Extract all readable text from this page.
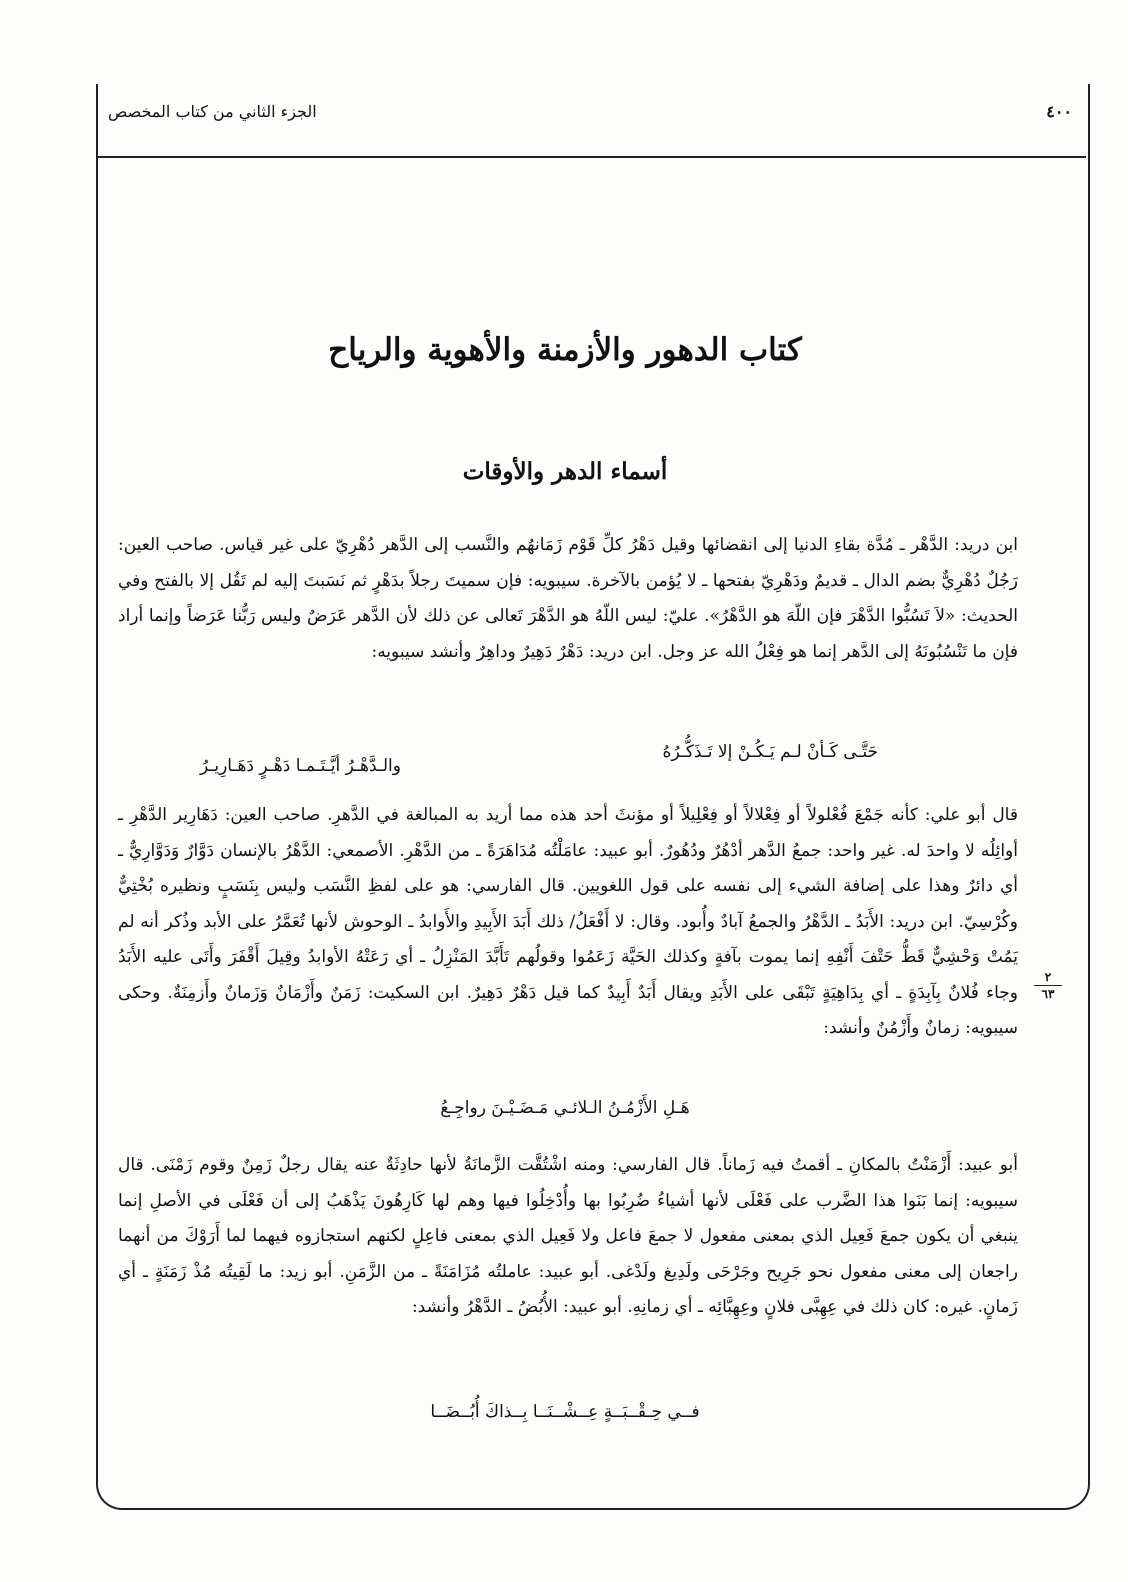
الجزء الثاني من كتاب المخصص	٤٠٠
كتاب الدهور والأزمنة والأهوية والرياح
أسماء الدهر والأوقات
ابن دريد: الدَّهْر ـ مُدَّة بقاءِ الدنيا إلى انقضائها وقيل دَهْرُ كلِّ قَوْم زَمَانهُم والنَّسب إلى الدَّهر دُهْرِيّ على غير قياس. صاحب العين: رَجُلٌ دُهْرِيٌّ بضم الدال ـ قديمٌ ودَهْرِيّ بفتحها ـ لا يُؤمن بالآخرة. سيبويه: فإن سميتَ رجلاً بدَهْرٍ ثم نَسَبتَ إليه لم تَقُل إلا بالفتح وفي الحديث: «لاَ تَسُبُّوا الدَّهْرَ فإن اللّهَ هو الدَّهْرُ». عليّ: ليس اللّهُ هو الدَّهْرَ تَعالى عن ذلك لأن الدَّهر عَرَضٌ وليس رَبُّنا عَرَضاً وإنما أراد فإن ما تَنْسُبُونَهُ إلى الدَّهر إنما هو فِعْلُ الله عز وجل. ابن دريد: دَهْرٌ دَهِيرٌ وداهِرٌ وأنشد سيبويه:
حَتَّـى كَـأنْ لـم يَـكُـنْ إلا تَـذَكُّـرُهُ
والـدَّهْـرُ أيَّـتَـمـا دَهْـرٍ دَهَـارِيـرُ
قال أبو علي: كأنه جَمْعَ فُعْلولاً أو فِعْلالاً أو فِعْلِيلاً أو مؤنثَ أحد هذه مما أريد به المبالغة في الدَّهرِ. صاحب العين: دَهَارِير الدَّهْرِ ـ أوائِلُه لا واحدَ له. غير واحد: جمعُ الدَّهر أدْهُرٌ ودُهُورٌ. أبو عبيد: عامَلْتُه مُدَاهَرَةً ـ من الدَّهْرِ. الأصمعي: الدَّهْرُ بالإنسان دَوَّارٌ وَدَوَّارِيٌّ ـ أي دائرٌ وهذا على إضافة الشيء إلى نفسه على قول اللغويين. قال الفارسي: هو على لفظِ النَّسَب وليس بِنَسَبٍ ونظيره بُخْتِيٌّ وكُرْسِيّ. ابن دريد: الأَبَدُ ـ الدَّهْرُ والجمعُ آبادٌ وأُبود. وقال: لا أَفْعَلُ/ ذلك أَبَدَ الأَبِيدِ والأَوابدُ ـ الوحوش لأنها تُعَمَّرُ على الأبد وذُكر أنه لم يَمُتْ وَحْشِيٌّ قَطُّ حَتْفَ أَنْفِهِ إنما يموت بآفةٍ وكذلك الحَيَّة زَعَمُوا وقولُهم تَأَبَّدَ المَنْزِلُ ـ أي رَعَتْهُ الأوابدُ وقِيلَ أَقْفَرَ وأَتَى عليه الأَبَدُ وجاء فُلانٌ بِآبِدَةٍ ـ أي بِدَاهِيَةٍ تَبْقَى على الأَبَدِ ويقال أَبَدٌ أَبِيدٌ كما قيل دَهْرٌ دَهِيرٌ. ابن السكيت: زَمَنٌ وأَزْمَانٌ وَزَمانٌ وأَزمِنَةٌ. وحكى سيبويه: زمانٌ وأَزْمُنٌ وأنشد:
٢
٦٣
هَـلِ الأَزْمُـنُ الـلائـي مَـضَـيْـنَ رواجِـعُ
أبو عبيد: أَزْمَنْتُ بالمكانِ ـ أقمتُ فيه زَماناً. قال الفارسي: ومنه اشْتُقَّت الزَّمانَةُ لأنها حادِثَةٌ عنه يقال رجلٌ زَمِنٌ وقوم زَمْنَى. قال سيبويه: إنما بَنَوا هذا الضَّرب على فَعْلَى لأنها أشياءُ ضُرِبُوا بها وأُدْخِلُوا فيها وهم لها كَارِهُونَ يَذْهَبُ إلى أن فَعْلَى في الأصلِ إنما ينبغي أن يكون جمعَ فَعِيل الذي بمعنى مفعول لا جمعَ فاعل ولا فَعِيل الذي بمعنى فاعِلٍ لكنهم استجازوه فيهما لما أَرَوْكَ من أنهما راجعان إلى معنى مفعول نحو جَرِيح وجَرْحَى ولَدِيغ ولَدْغى. أبو عبيد: عاملتُه مُزَامَنَةً ـ من الزَّمَنِ. أبو زيد: ما لَقِيتُه مُذْ زَمَنَةٍ ـ أي زَمانٍ. غيره: كان ذلك في عِهِبَّى فلانٍ وعِهِبَّائِه ـ أي زمانِهِ. أبو عبيد: الأُبُضُ ـ الدَّهْرُ وأنشد:
فــي حِـقْــبَــةٍ عِــشْــنَــا بِــذاكَ أُبُــضَــا
